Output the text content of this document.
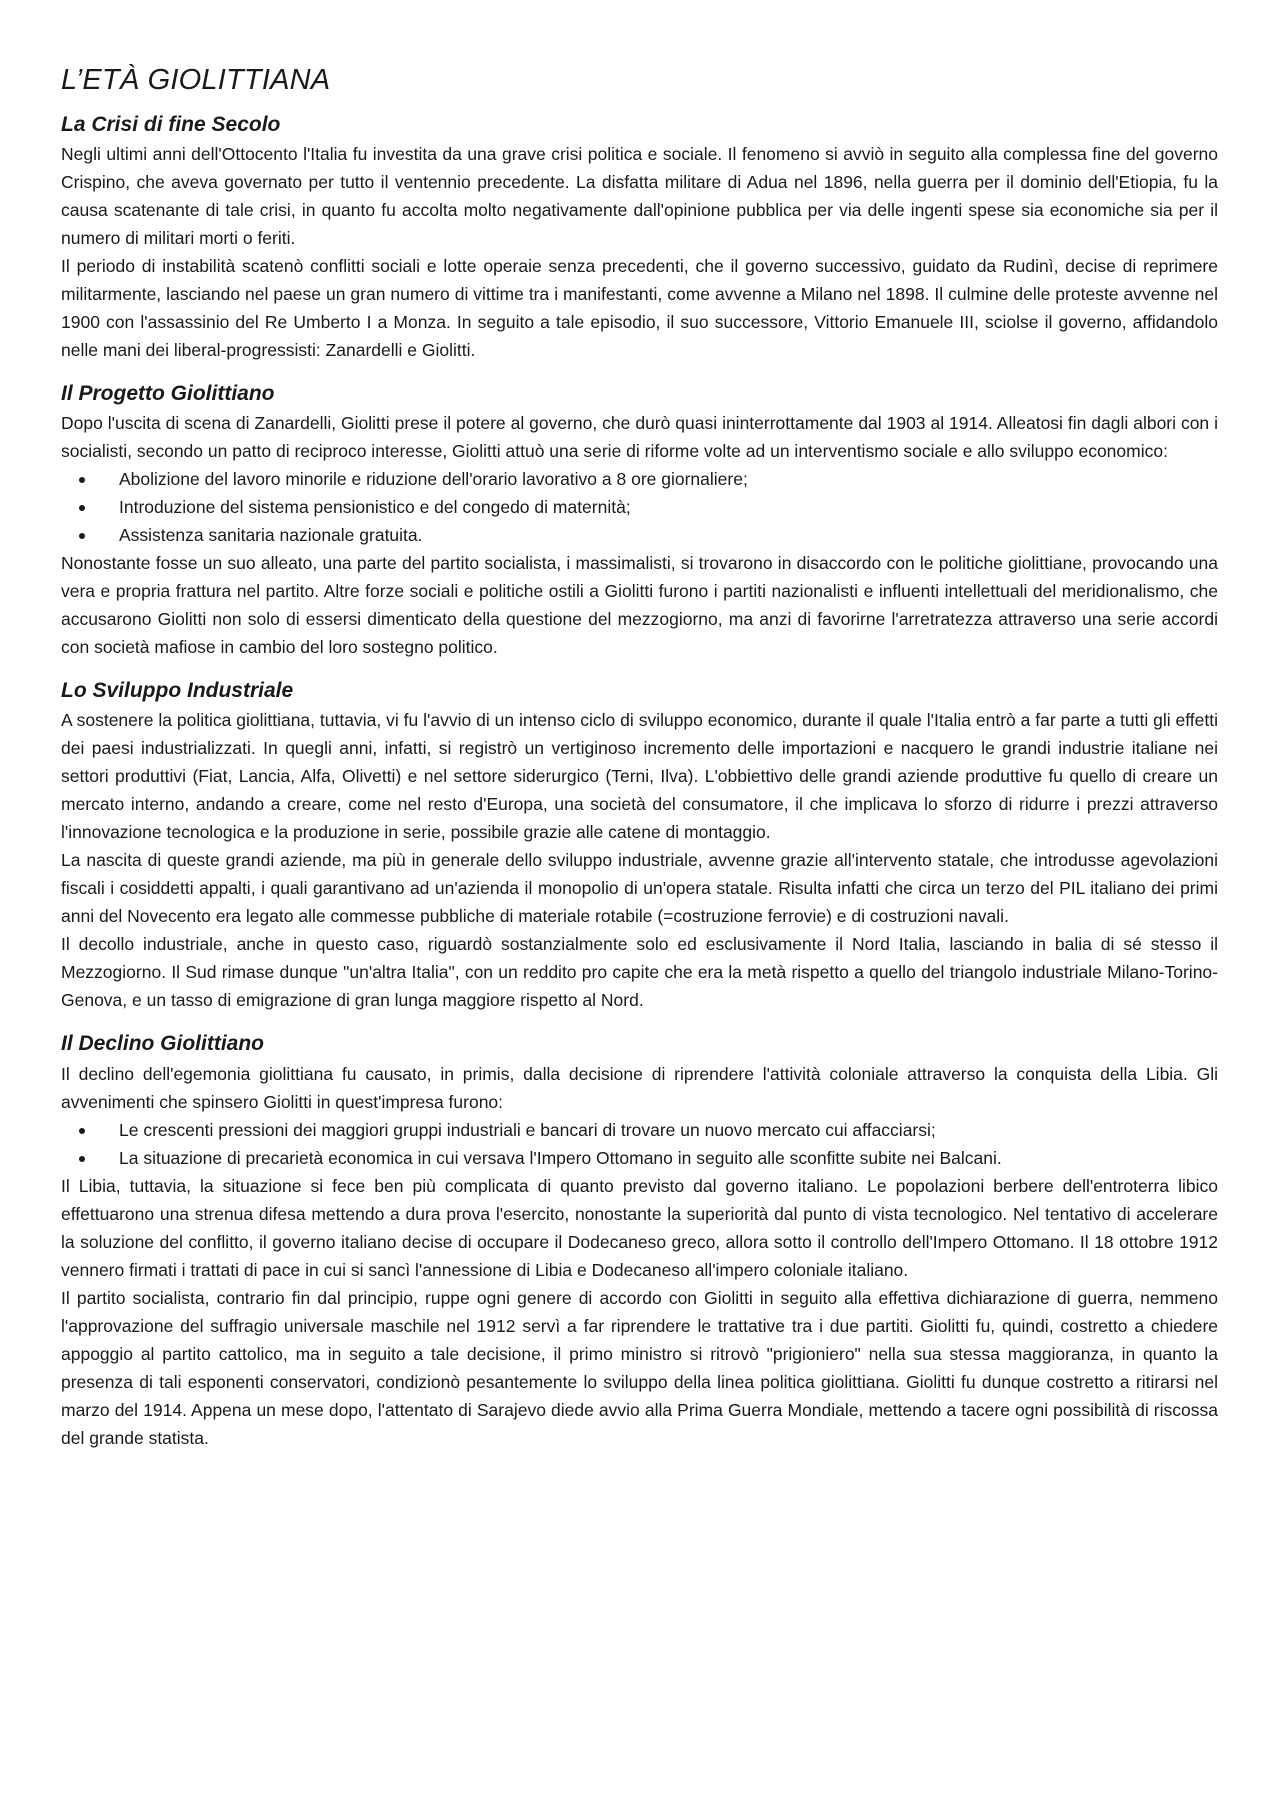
L’ETÀ GIOLITTIANA
La Crisi di fine Secolo

Negli ultimi anni dell'Ottocento l'Italia fu investita da una grave crisi politica e sociale. Il fenomeno si avviò in seguito alla complessa fine del governo Crispino, che aveva governato per tutto il ventennio precedente. La disfatta militare di Adua nel 1896, nella guerra per il dominio dell'Etiopia, fu la causa scatenante di tale crisi, in quanto fu accolta molto negativamente dall'opinione pubblica per via delle ingenti spese sia economiche sia per il numero di militari morti o feriti.

Il periodo di instabilità scatenò conflitti sociali e lotte operaie senza precedenti, che il governo successivo, guidato da Rudinì, decise di reprimere militarmente, lasciando nel paese un gran numero di vittime tra i manifestanti, come avvenne a Milano nel 1898. Il culmine delle proteste avvenne nel 1900 con l'assassinio del Re Umberto I a Monza. In seguito a tale episodio, il suo successore, Vittorio Emanuele III, sciolse il governo, affidandolo nelle mani dei liberal-progressisti: Zanardelli e Giolitti.

Il Progetto Giolittiano

Dopo l'uscita di scena di Zanardelli, Giolitti prese il potere al governo, che durò quasi ininterrottamente dal 1903 al 1914. Alleatosi fin dagli albori con i socialisti, secondo un patto di reciproco interesse, Giolitti attuò una serie di riforme volte ad un interventismo sociale e allo sviluppo economico:

Abolizione del lavoro minorile e riduzione dell'orario lavorativo a 8 ore giornaliere;
Introduzione del sistema pensionistico e del congedo di maternità;
Assistenza sanitaria nazionale gratuita.

Nonostante fosse un suo alleato, una parte del partito socialista, i massimalisti, si trovarono in disaccordo con le politiche giolittiane, provocando una vera e propria frattura nel partito. Altre forze sociali e politiche ostili a Giolitti furono i partiti nazionalisti e influenti intellettuali del meridionalismo, che accusarono Giolitti non solo di essersi dimenticato della questione del mezzogiorno, ma anzi di favorirne l'arretratezza attraverso una serie accordi con società mafiose in cambio del loro sostegno politico.

Lo Sviluppo Industriale

A sostenere la politica giolittiana, tuttavia, vi fu l'avvio di un intenso ciclo di sviluppo economico, durante il quale l'Italia entrò a far parte a tutti gli effetti dei paesi industrializzati. In quegli anni, infatti, si registrò un vertiginoso incremento delle importazioni e nacquero le grandi industrie italiane nei settori produttivi (Fiat, Lancia, Alfa, Olivetti) e nel settore siderurgico (Terni, Ilva). L'obbiettivo delle grandi aziende produttive fu quello di creare un mercato interno, andando a creare, come nel resto d'Europa, una società del consumatore, il che implicava lo sforzo di ridurre i prezzi attraverso l'innovazione tecnologica e la produzione in serie, possibile grazie alle catene di montaggio.

La nascita di queste grandi aziende, ma più in generale dello sviluppo industriale, avvenne grazie all'intervento statale, che introdusse agevolazioni fiscali i cosiddetti appalti, i quali garantivano ad un'azienda il monopolio di un'opera statale. Risulta infatti che circa un terzo del PIL italiano dei primi anni del Novecento era legato alle commesse pubbliche di materiale rotabile (=costruzione ferrovie) e di costruzioni navali.

Il decollo industriale, anche in questo caso, riguardò sostanzialmente solo ed esclusivamente il Nord Italia, lasciando in balia di sé stesso il Mezzogiorno. Il Sud rimase dunque "un'altra Italia", con un reddito pro capite che era la metà rispetto a quello del triangolo industriale Milano-Torino-Genova, e un tasso di emigrazione di gran lunga maggiore rispetto al Nord.

Il Declino Giolittiano

Il declino dell'egemonia giolittiana fu causato, in primis, dalla decisione di riprendere l'attività coloniale attraverso la conquista della Libia. Gli avvenimenti che spinsero Giolitti in quest'impresa furono:

Le crescenti pressioni dei maggiori gruppi industriali e bancari di trovare un nuovo mercato cui affacciarsi;
La situazione di precarietà economica in cui versava l'Impero Ottomano in seguito alle sconfitte subite nei Balcani.

Il Libia, tuttavia, la situazione si fece ben più complicata di quanto previsto dal governo italiano. Le popolazioni berbere dell'entroterra libico effettuarono una strenua difesa mettendo a dura prova l'esercito, nonostante la superiorità dal punto di vista tecnologico. Nel tentativo di accelerare la soluzione del conflitto, il governo italiano decise di occupare il Dodecaneso greco, allora sotto il controllo dell'Impero Ottomano. Il 18 ottobre 1912 vennero firmati i trattati di pace in cui si sancì l'annessione di Libia e Dodecaneso all'impero coloniale italiano.

Il partito socialista, contrario fin dal principio, ruppe ogni genere di accordo con Giolitti in seguito alla effettiva dichiarazione di guerra, nemmeno l'approvazione del suffragio universale maschile nel 1912 servì a far riprendere le trattative tra i due partiti. Giolitti fu, quindi, costretto a chiedere appoggio al partito cattolico, ma in seguito a tale decisione, il primo ministro si ritrovò "prigioniero" nella sua stessa maggioranza, in quanto la presenza di tali esponenti conservatori, condizionò pesantemente lo sviluppo della linea politica giolittiana. Giolitti fu dunque costretto a ritirarsi nel marzo del 1914. Appena un mese dopo, l'attentato di Sarajevo diede avvio alla Prima Guerra Mondiale, mettendo a tacere ogni possibilità di riscossa del grande statista.
